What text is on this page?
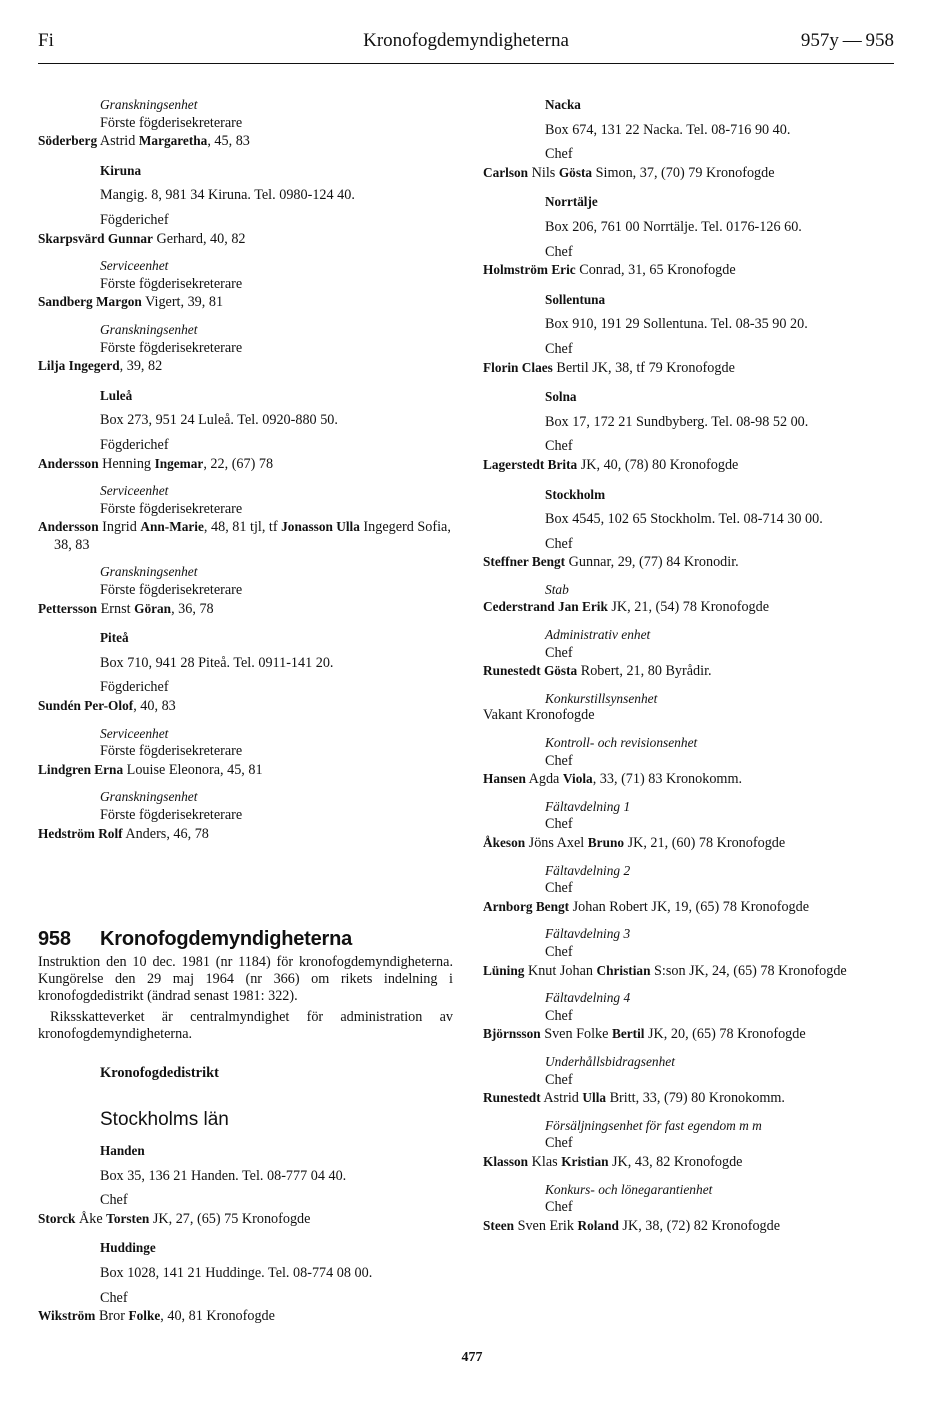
Kronofogdemyndigheterna
Fi	957y — 958
Granskningsenhet
Förste fögderisekreterare
Söderberg Astrid Margaretha, 45, 83
Kiruna
Mangig. 8, 981 34 Kiruna. Tel. 0980-124 40.
Fögderichef
Skarpsvärd Gunnar Gerhard, 40, 82
Serviceenhet
Förste fögderisekreterare
Sandberg Margon Vigert, 39, 81
Granskningsenhet
Förste fögderisekreterare
Lilja Ingegerd, 39, 82
Luleå
Box 273, 951 24 Luleå. Tel. 0920-880 50.
Fögderichef
Andersson Henning Ingemar, 22, (67) 78
Serviceenhet
Förste fögderisekreterare
Andersson Ingrid Ann-Marie, 48, 81 tjl, tf Jonasson Ulla Ingegerd Sofia, 38, 83
Granskningsenhet
Förste fögderisekreterare
Pettersson Ernst Göran, 36, 78
Piteå
Box 710, 941 28 Piteå. Tel. 0911-141 20.
Fögderichef
Sundén Per-Olof, 40, 83
Serviceenhet
Förste fögderisekreterare
Lindgren Erna Louise Eleonora, 45, 81
Granskningsenhet
Förste fögderisekreterare
Hedström Rolf Anders, 46, 78
958 Kronofogdemyndigheterna
Instruktion den 10 dec. 1981 (nr 1184) för kronofogdemyndigheterna. Kungörelse den 29 maj 1964 (nr 366) om rikets indelning i kronofogdedistrikt (ändrad senast 1981: 322).
Riksskatteverket är centralmyndighet för administration av kronofogdemyndigheterna.
Kronofogdedistrikt
Stockholms län
Handen
Box 35, 136 21 Handen. Tel. 08-777 04 40.
Chef
Storck Åke Torsten JK, 27, (65) 75 Kronofogde
Huddinge
Box 1028, 141 21 Huddinge. Tel. 08-774 08 00.
Chef
Wikström Bror Folke, 40, 81 Kronofogde
Nacka
Box 674, 131 22 Nacka. Tel. 08-716 90 40.
Chef
Carlson Nils Gösta Simon, 37, (70) 79 Kronofogde
Norrtälje
Box 206, 761 00 Norrtälje. Tel. 0176-126 60.
Chef
Holmström Eric Conrad, 31, 65 Kronofogde
Sollentuna
Box 910, 191 29 Sollentuna. Tel. 08-35 90 20.
Chef
Florin Claes Bertil JK, 38, tf 79 Kronofogde
Solna
Box 17, 172 21 Sundbyberg. Tel. 08-98 52 00.
Chef
Lagerstedt Brita JK, 40, (78) 80 Kronofogde
Stockholm
Box 4545, 102 65 Stockholm. Tel. 08-714 30 00.
Chef
Steffner Bengt Gunnar, 29, (77) 84 Kronodir.
Stab
Cederstrand Jan Erik JK, 21, (54) 78 Kronofogde
Administrativ enhet
Chef
Runestedt Gösta Robert, 21, 80 Byrådir.
Konkurstillsynsenhet
Vakant Kronofogde
Kontroll- och revisionsenhet
Chef
Hansen Agda Viola, 33, (71) 83 Kronokomm.
Fältavdelning 1
Chef
Åkeson Jöns Axel Bruno JK, 21, (60) 78 Kronofogde
Fältavdelning 2
Chef
Arnborg Bengt Johan Robert JK, 19, (65) 78 Kronofogde
Fältavdelning 3
Chef
Lüning Knut Johan Christian S:son JK, 24, (65) 78 Kronofogde
Fältavdelning 4
Chef
Björnsson Sven Folke Bertil JK, 20, (65) 78 Kronofogde
Underhållsbidragsenhet
Chef
Runestedt Astrid Ulla Britt, 33, (79) 80 Kronokomm.
Försäljningsenhet för fast egendom m m
Chef
Klasson Klas Kristian JK, 43, 82 Kronofogde
Konkurs- och lönegarantienhet
Chef
Steen Sven Erik Roland JK, 38, (72) 82 Kronofogde
477
